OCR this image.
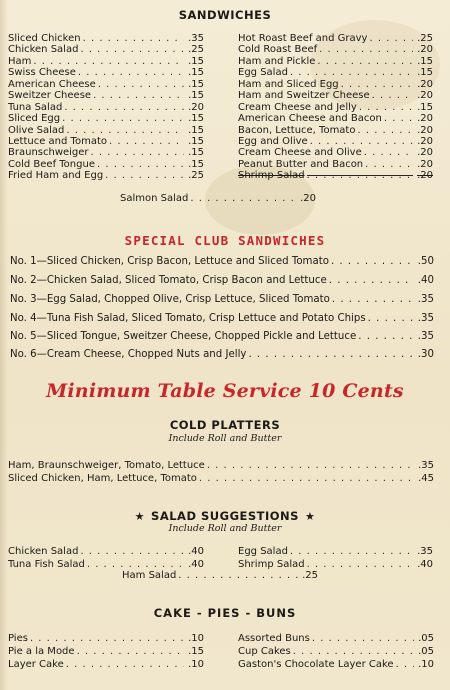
SANDWICHES
Sliced Chicken . . .	.35
Chicken Salad . . .	.25
Ham . . .	.15
Swiss Cheese . . .	.15
American Cheese . . .	.15
Sweitzer Cheese . . .	.15
Tuna Salad . . .	.20
Sliced Egg . . .	.15
Olive Salad . . .	.15
Lettuce and Tomato . . .	.15
Braunschweiger . . .	.15
Cold Beef Tongue . . .	.15
Fried Ham and Egg . . .	.25
Hot Roast Beef and Gravy . . .	.25
Cold Roast Beef . . .	.20
Ham and Pickle . . .	.15
Egg Salad . . .	.15
Ham and Sliced Egg . . .	.20
Ham and Sweitzer Cheese . . .	.20
Cream Cheese and Jelly . . .	.15
American Cheese and Bacon . . .	.20
Bacon, Lettuce, Tomato . . .	.20
Egg and Olive . . .	.20
Cream Cheese and Olive . . .	.20
Peanut Butter and Bacon . . .	.20
Shrimp Salad . . .	.20
Salmon Salad . . .	.20
SPECIAL CLUB SANDWICHES
No. 1 —Sliced Chicken, Crisp Bacon, Lettuce and Sliced Tomato . . .	.50
No. 2 —Chicken Salad, Sliced Tomato, Crisp Bacon and Lettuce . . .	.40
No. 3 —Egg Salad, Chopped Olive, Crisp Lettuce, Sliced Tomato . . .	.35
No. 4 —Tuna Fish Salad, Sliced Tomato, Crisp Lettuce and Potato Chips . . .	.35
No. 5 —Sliced Tongue, Sweitzer Cheese, Chopped Pickle and Lettuce . . .	.35
No. 6 —Cream Cheese, Chopped Nuts and Jelly . . .	.30
Minimum Table Service 10 Cents
COLD PLATTERS
Include Roll and Butter
Ham, Braunschweiger, Tomato, Lettuce . . .	.35
Sliced Chicken, Ham, Lettuce, Tomato . . .	.45
★ SALAD SUGGESTIONS ★
Include Roll and Butter
Chicken Salad . . .	.40
Tuna Fish Salad . . .	.40
Egg Salad . . .	.35
Shrimp Salad . . .	.40
Ham Salad . . .	.25
CAKE - PIES - BUNS
Pies . . .	.10
Pie a la Mode . . .	.15
Layer Cake . . .	.10
Assorted Buns . . .	.05
Cup Cakes . . .	.05
Gaston's Chocolate Layer Cake . . . .10
